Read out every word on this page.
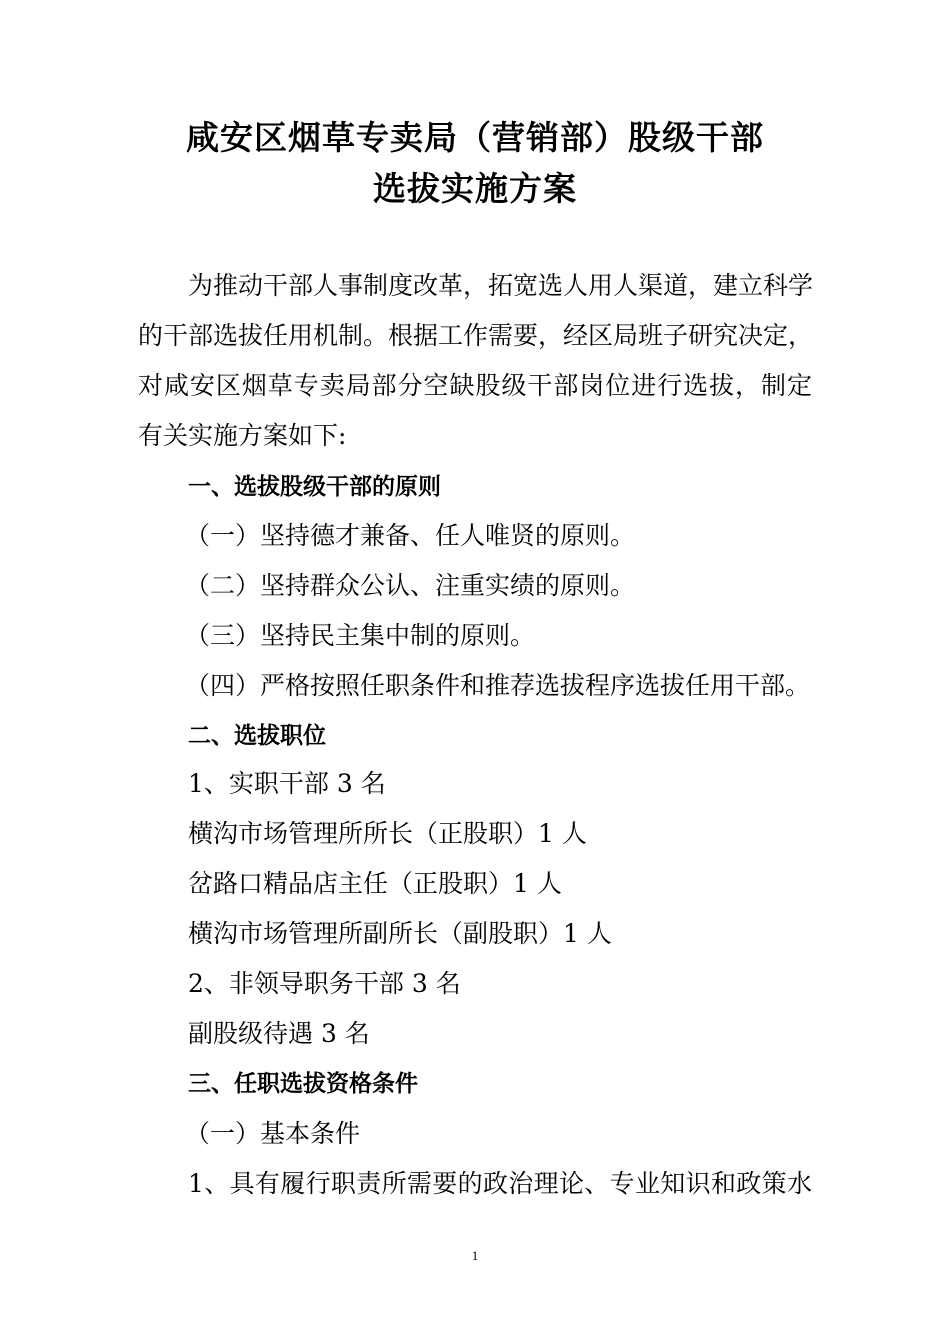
咸安区烟草专卖局（营销部）股级干部
选拔实施方案
为推动干部人事制度改革，拓宽选人用人渠道，建立科学
的干部选拔任用机制。根据工作需要，经区局班子研究决定，
对咸安区烟草专卖局部分空缺股级干部岗位进行选拔，制定
有关实施方案如下:
一、选拔股级干部的原则
（一）坚持德才兼备、任人唯贤的原则。
（二）坚持群众公认、注重实绩的原则。
（三）坚持民主集中制的原则。
（四）严格按照任职条件和推荐选拔程序选拔任用干部。
二、选拔职位
1、实职干部 3 名
横沟市场管理所所长（正股职）1 人
岔路口精品店主任（正股职）1 人
横沟市场管理所副所长（副股职）1 人
2、非领导职务干部 3 名
副股级待遇 3 名
三、任职选拔资格条件
（一）基本条件
1、具有履行职责所需要的政治理论、专业知识和政策水
1
